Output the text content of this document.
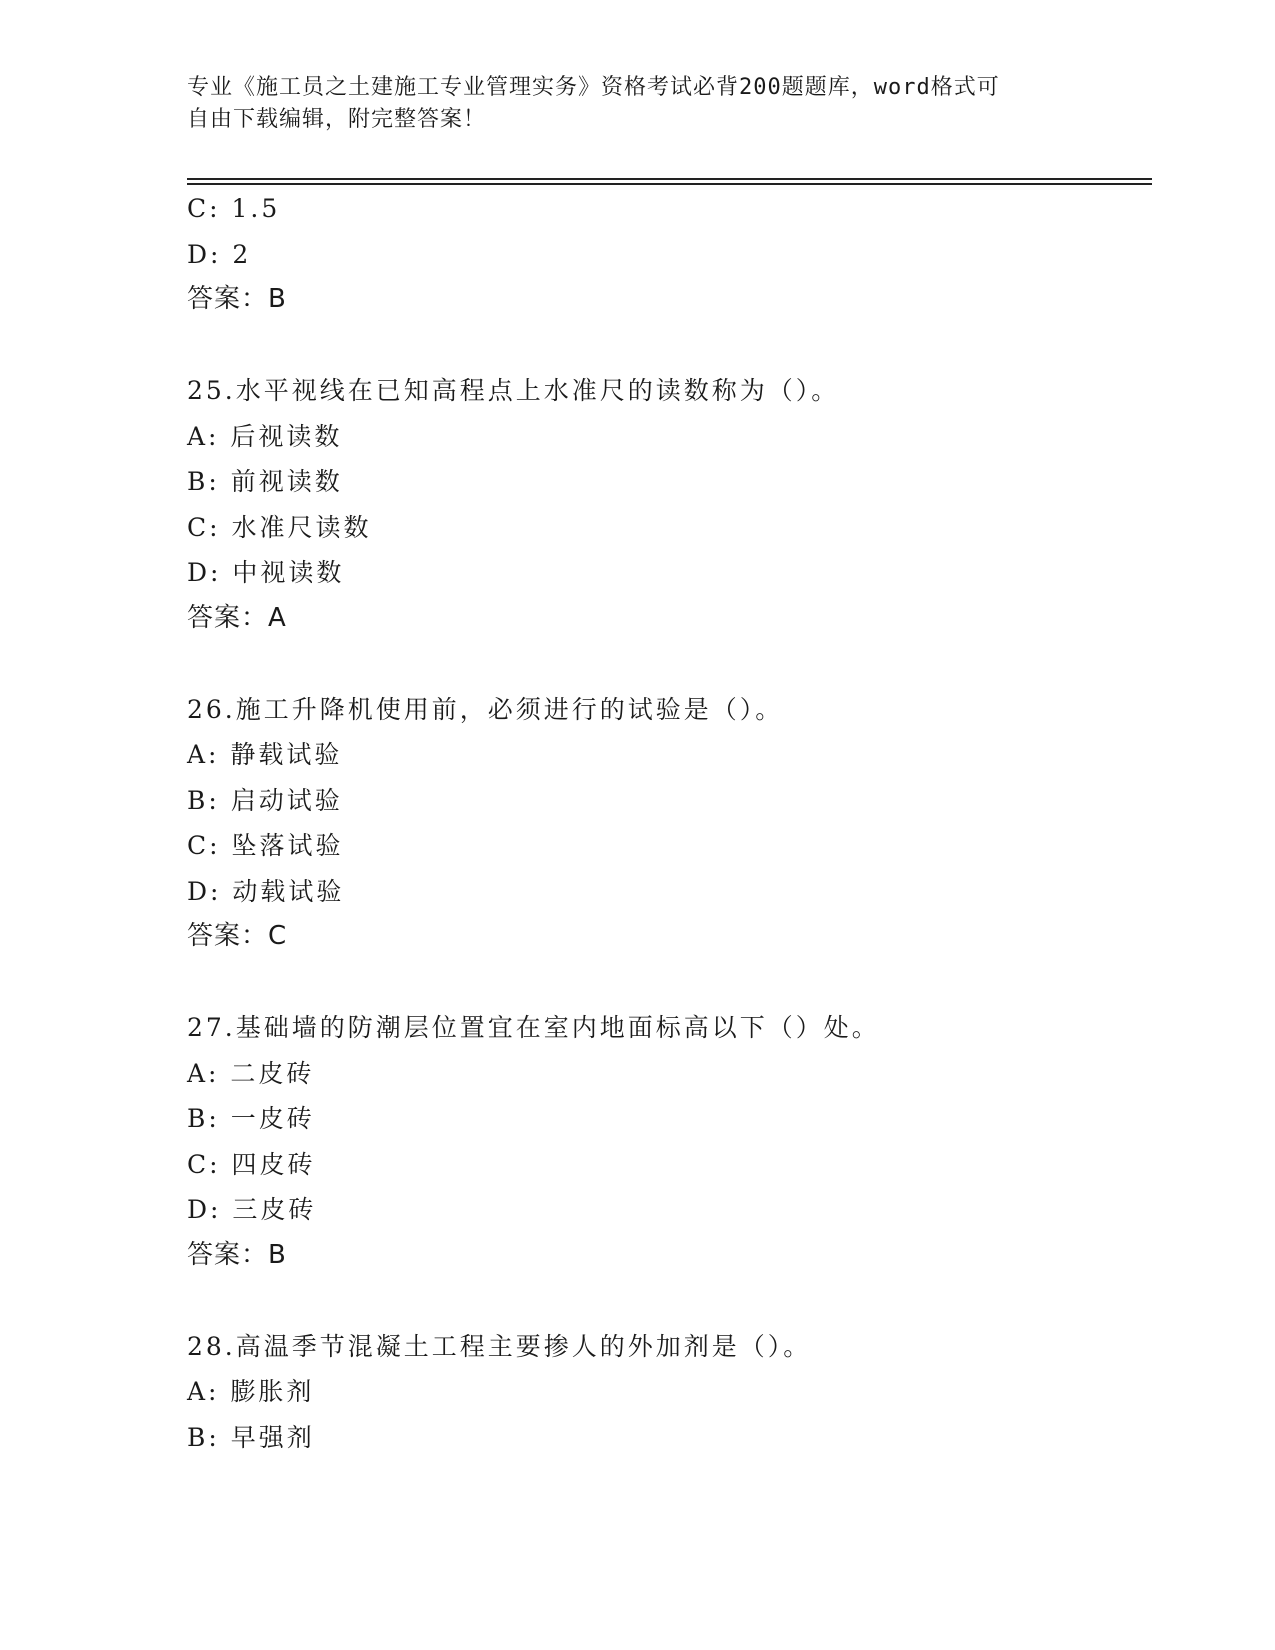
专业《施工员之土建施工专业管理实务》资格考试必背200题题库，word格式可
自由下载编辑，附完整答案！
C: 1.5
D: 2
答案：B
25.水平视线在已知高程点上水准尺的读数称为（）。
A: 后视读数
B: 前视读数
C: 水准尺读数
D: 中视读数
答案：A
26.施工升降机使用前，必须进行的试验是（）。
A: 静载试验
B: 启动试验
C: 坠落试验
D: 动载试验
答案：C
27.基础墙的防潮层位置宜在室内地面标高以下（）处。
A: 二皮砖
B: 一皮砖
C: 四皮砖
D: 三皮砖
答案：B
28.高温季节混凝土工程主要掺人的外加剂是（）。
A: 膨胀剂
B: 早强剂
